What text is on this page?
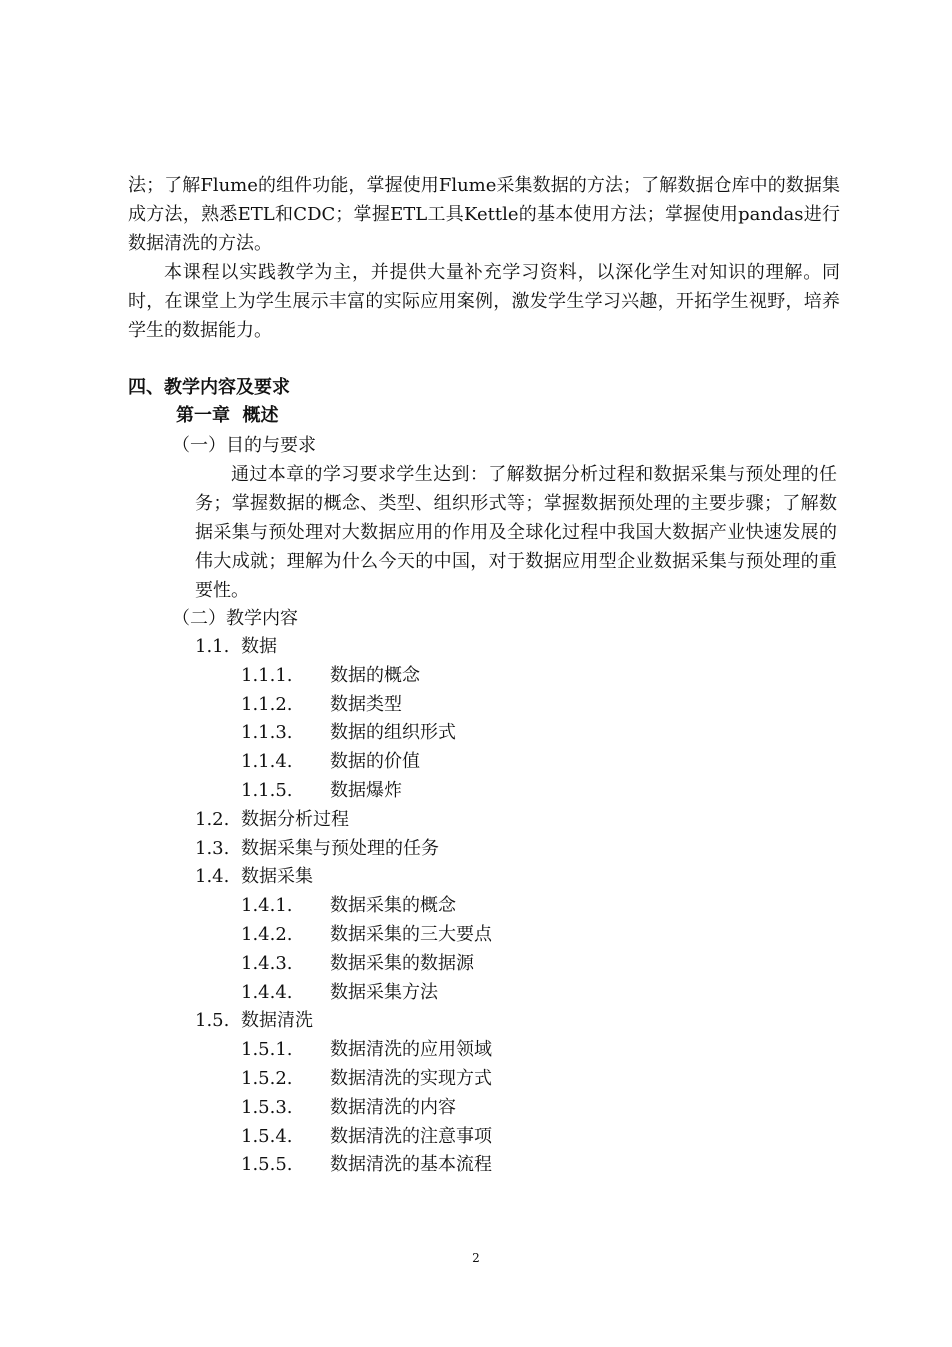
法；了解Flume的组件功能，掌握使用Flume采集数据的方法；了解数据仓库中的数据集成方法，熟悉ETL和CDC；掌握ETL工具Kettle的基本使用方法；掌握使用pandas进行数据清洗的方法。

本课程以实践教学为主，并提供大量补充学习资料，以深化学生对知识的理解。同时，在课堂上为学生展示丰富的实际应用案例，激发学生学习兴趣，开拓学生视野，培养学生的数据能力。

四、教学内容及要求
第一章  概述
（一）目的与要求

通过本章的学习要求学生达到：了解数据分析过程和数据采集与预处理的任务；掌握数据的概念、类型、组织形式等；掌握数据预处理的主要步骤；了解数据采集与预处理对大数据应用的作用及全球化过程中我国大数据产业快速发展的伟大成就；理解为什么今天的中国，对于数据应用型企业数据采集与预处理的重要性。

（二）教学内容
1.1. 数据
1.1.1. 数据的概念
1.1.2. 数据类型
1.1.3. 数据的组织形式
1.1.4. 数据的价值
1.1.5. 数据爆炸
1.2. 数据分析过程
1.3. 数据采集与预处理的任务
1.4. 数据采集
1.4.1. 数据采集的概念
1.4.2. 数据采集的三大要点
1.4.3. 数据采集的数据源
1.4.4. 数据采集方法
1.5. 数据清洗
1.5.1. 数据清洗的应用领域
1.5.2. 数据清洗的实现方式
1.5.3. 数据清洗的内容
1.5.4. 数据清洗的注意事项
1.5.5. 数据清洗的基本流程
2
